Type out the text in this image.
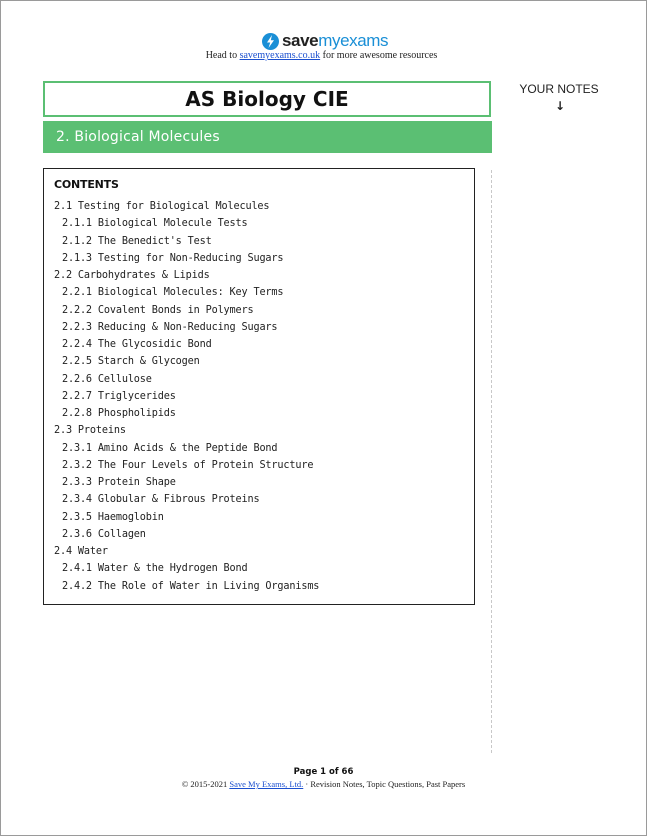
savemyexams
Head to savemyexams.co.uk for more awesome resources
AS Biology CIE
2. Biological Molecules
YOUR NOTES
↓
CONTENTS
2.1 Testing for Biological Molecules
2.1.1 Biological Molecule Tests
2.1.2 The Benedict's Test
2.1.3 Testing for Non-Reducing Sugars
2.2 Carbohydrates & Lipids
2.2.1 Biological Molecules: Key Terms
2.2.2 Covalent Bonds in Polymers
2.2.3 Reducing & Non-Reducing Sugars
2.2.4 The Glycosidic Bond
2.2.5 Starch & Glycogen
2.2.6 Cellulose
2.2.7 Triglycerides
2.2.8 Phospholipids
2.3 Proteins
2.3.1 Amino Acids & the Peptide Bond
2.3.2 The Four Levels of Protein Structure
2.3.3 Protein Shape
2.3.4 Globular & Fibrous Proteins
2.3.5 Haemoglobin
2.3.6 Collagen
2.4 Water
2.4.1 Water & the Hydrogen Bond
2.4.2 The Role of Water in Living Organisms
Page 1 of 66
© 2015-2021 Save My Exams, Ltd. · Revision Notes, Topic Questions, Past Papers
